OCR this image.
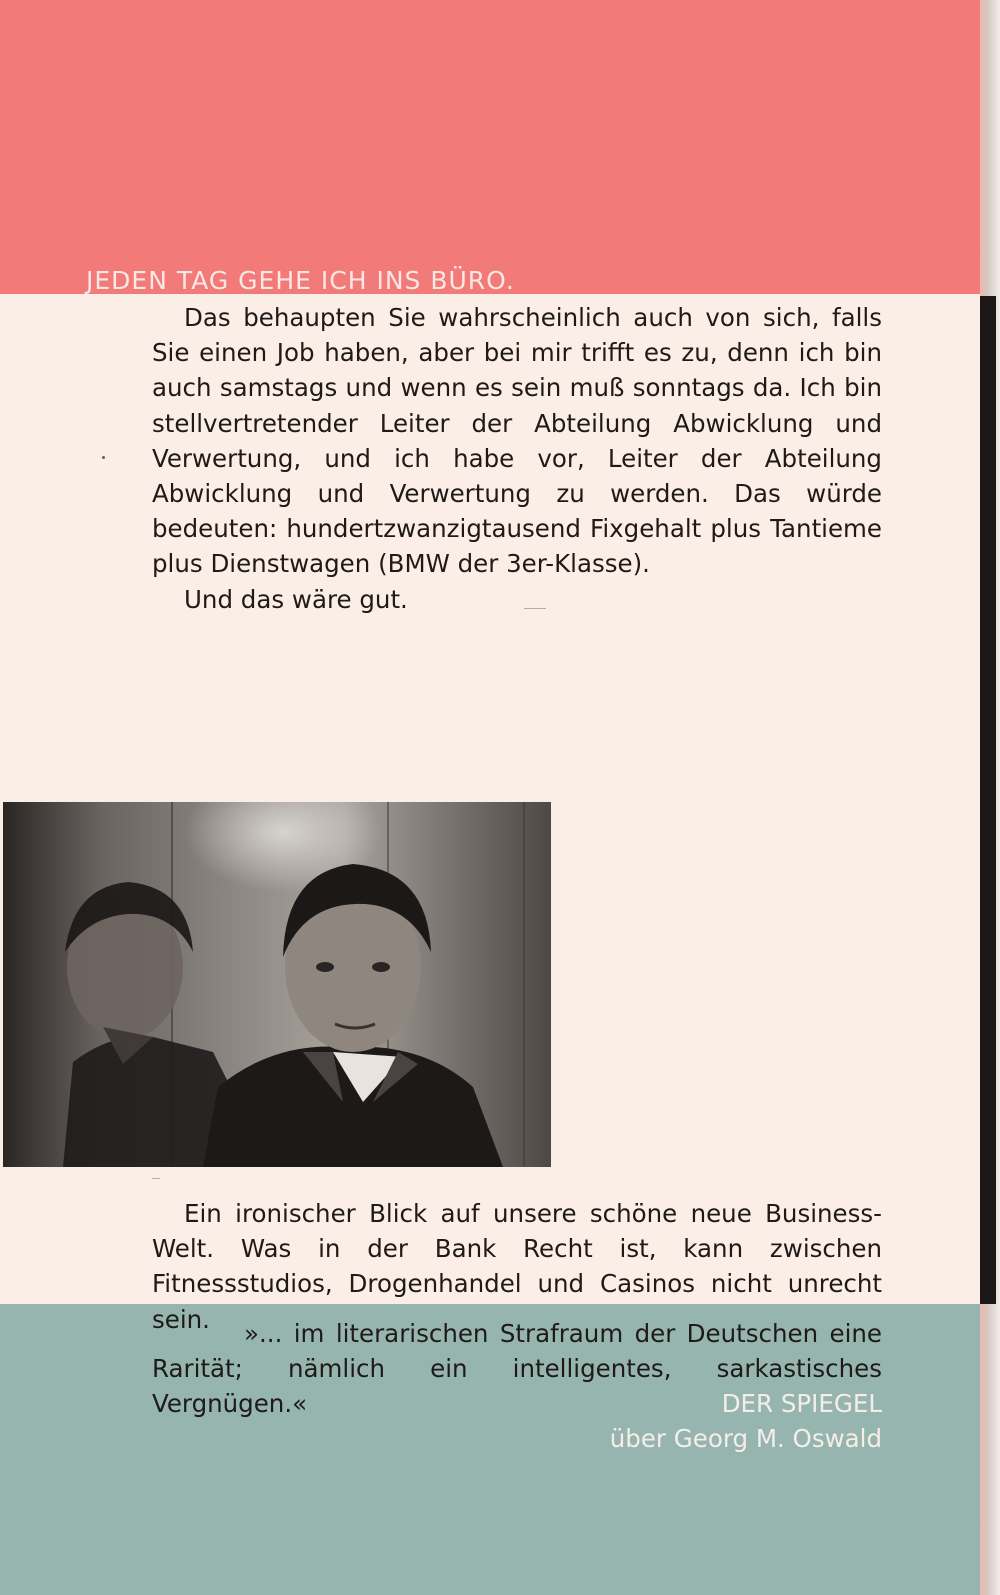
JEDEN TAG GEHE ICH INS BÜRO.

Das behaupten Sie wahrscheinlich auch von sich, falls Sie einen Job haben, aber bei mir trifft es zu, denn ich bin auch samstags und wenn es sein muß sonntags da. Ich bin stellvertretender Leiter der Abteilung Abwicklung und Verwertung, und ich habe vor, Leiter der Abteilung Abwicklung und Verwertung zu werden. Das würde bedeuten: hundertzwanzigtausend Fixgehalt plus Tantieme plus Dienstwagen (BMW der 3er-Klasse).

Und das wäre gut.

Ein ironischer Blick auf unsere schöne neue Business-Welt. Was in der Bank Recht ist, kann zwischen Fitnessstudios, Drogenhandel und Casinos nicht unrecht sein.	»... im literarischen Strafraum der Deutschen eine Rarität; nämlich ein intelligentes, sarkastisches Vergnügen.«	DER SPIEGEL
über Georg M. Oswald
